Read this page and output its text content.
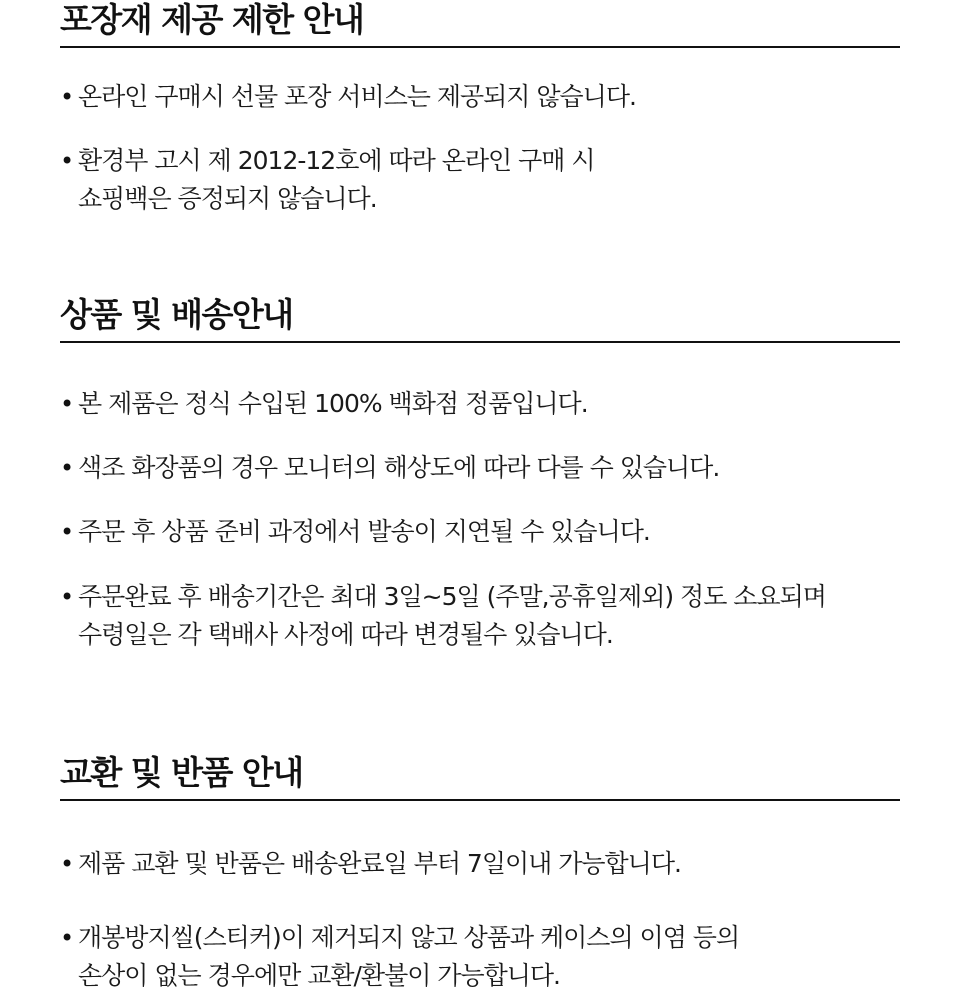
포장재 제공 제한 안내
• 온라인 구매시 선물 포장 서비스는 제공되지 않습니다.
• 환경부 고시 제 2012-12호에 따라 온라인 구매 시
쇼핑백은 증정되지 않습니다.
상품 및 배송안내
• 본 제품은 정식 수입된 100% 백화점 정품입니다.
• 색조 화장품의 경우 모니터의 해상도에 따라 다를 수 있습니다.
• 주문 후 상품 준비 과정에서 발송이 지연될 수 있습니다.
• 주문완료 후 배송기간은 최대 3일~5일 (주말,공휴일제외) 정도 소요되며
수령일은 각 택배사 사정에 따라 변경될수 있습니다.
교환 및 반품 안내
• 제품 교환 및 반품은 배송완료일 부터 7일이내 가능합니다.
• 개봉방지씰(스티커)이 제거되지 않고 상품과 케이스의 이염 등의
손상이 없는 경우에만 교환/환불이 가능합니다.
